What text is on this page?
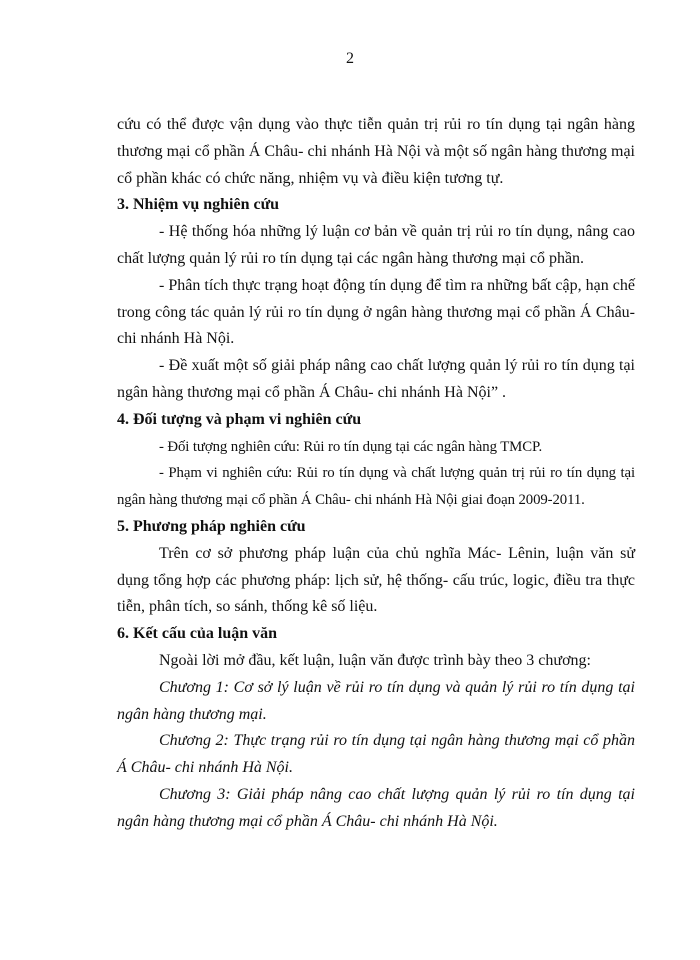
2

cứu có thể được vận dụng vào thực tiễn quản trị rủi ro tín dụng tại ngân hàng thương mại cổ phần Á Châu- chi nhánh Hà Nội và một số ngân hàng thương mại cổ phần khác có chức năng, nhiệm vụ và điều kiện tương tự.

3. Nhiệm vụ nghiên cứu

- Hệ thống hóa những lý luận cơ bản về quản trị rủi ro tín dụng, nâng cao chất lượng quản lý rủi ro tín dụng tại các ngân hàng thương mại cổ phần.

- Phân tích thực trạng hoạt động tín dụng để tìm ra những bất cập, hạn chế trong công tác quản lý rủi ro tín dụng ở ngân hàng thương mại cổ phần Á Châu- chi nhánh Hà Nội.

- Đề xuất một số giải pháp nâng cao chất lượng quản lý rủi ro tín dụng tại ngân hàng thương mại cổ phần Á Châu- chi nhánh Hà Nội” .

4. Đối tượng và phạm vi nghiên cứu

- Đối tượng nghiên cứu: Rủi ro tín dụng tại các ngân hàng TMCP.

- Phạm vi nghiên cứu: Rủi ro tín dụng và chất lượng quản trị rủi ro tín dụng tại ngân hàng thương mại cổ phần Á Châu- chi nhánh Hà Nội giai đoạn 2009-2011.

5. Phương pháp nghiên cứu

Trên cơ sở phương pháp luận của chủ nghĩa Mác- Lênin, luận văn sử dụng tổng hợp các phương pháp: lịch sử, hệ thống- cấu trúc, logic, điều tra thực tiễn, phân tích, so sánh, thống kê số liệu.

6. Kết cấu của luận văn

Ngoài lời mở đầu, kết luận, luận văn được trình bày theo 3 chương:

Chương 1: Cơ sở lý luận về rủi ro tín dụng và quản lý rủi ro tín dụng tại ngân hàng thương mại.

Chương 2: Thực trạng rủi ro tín dụng tại ngân hàng thương mại cổ phần Á Châu- chi nhánh Hà Nội.

Chương 3: Giải pháp nâng cao chất lượng quản lý rủi ro tín dụng tại ngân hàng thương mại cổ phần Á Châu- chi nhánh Hà Nội.
